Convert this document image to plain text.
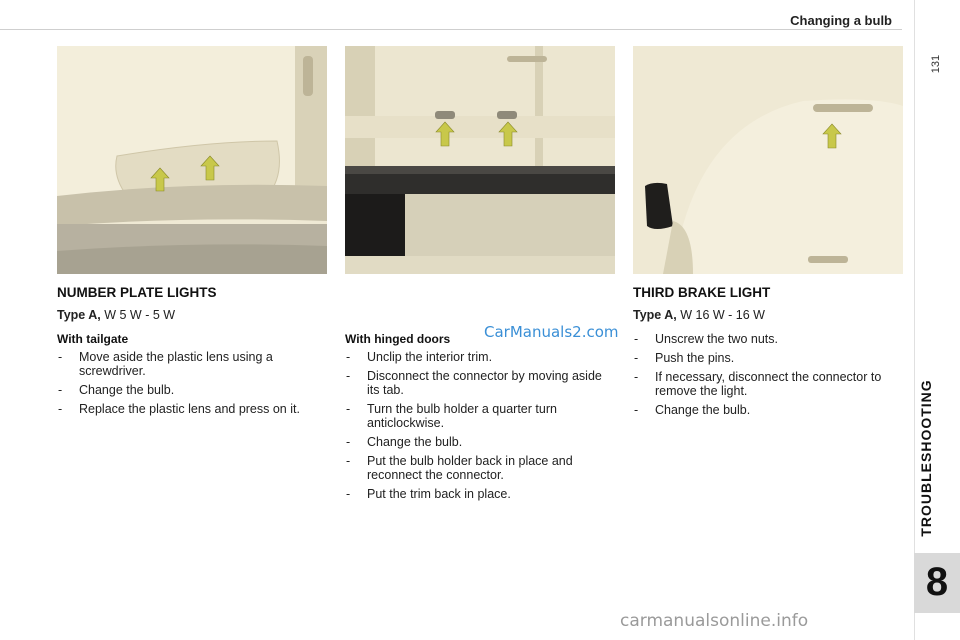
Changing a bulb
131
TROUBLESHOOTING
8
NUMBER PLATE LIGHTS
Type A, W 5 W - 5 W
With tailgate
- Move aside the plastic lens using a screwdriver.
- Change the bulb.
- Replace the plastic lens and press on it.
With hinged doors
- Unclip the interior trim.
- Disconnect the connector by moving aside its tab.
- Turn the bulb holder a quarter turn anticlockwise.
- Change the bulb.
- Put the bulb holder back in place and reconnect the connector.
- Put the trim back in place.
THIRD BRAKE LIGHT
Type A, W 16 W - 16 W
- Unscrew the two nuts.
- Push the pins.
- If necessary, disconnect the connector to remove the light.
- Change the bulb.
CarManuals2.com
carmanualsonline.info
